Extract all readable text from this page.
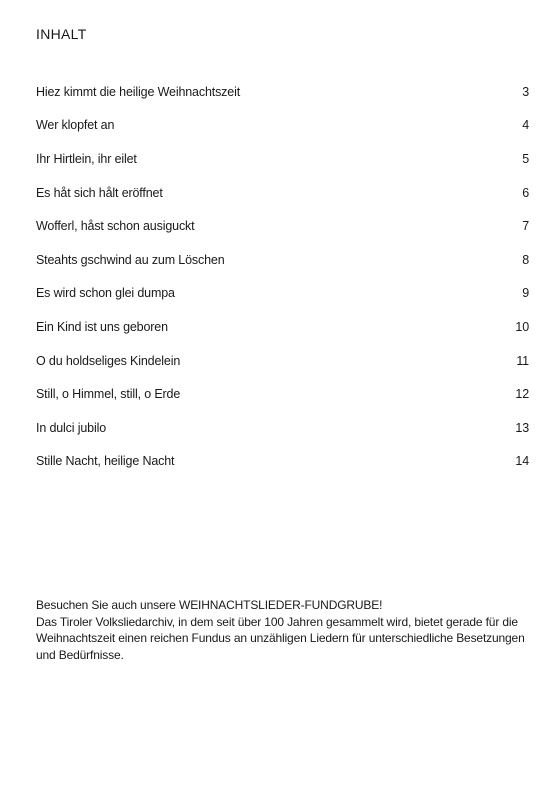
INHALT
Hiez kimmt die heilige Weihnachtszeit	3
Wer klopfet an	4
Ihr Hirtlein, ihr eilet	5
Es håt sich hålt eröffnet	6
Wofferl, håst schon ausiguckt	7
Steahts gschwind au zum Löschen	8
Es wird schon glei dumpa	9
Ein Kind ist uns geboren	10
O du holdseliges Kindelein	11
Still, o Himmel, still, o Erde	12
In dulci jubilo	13
Stille Nacht, heilige Nacht	14

Besuchen Sie auch unsere WEIHNACHTSLIEDER-FUNDGRUBE!

Das Tiroler Volksliedarchiv, in dem seit über 100 Jahren gesammelt wird, bietet gerade für die Weihnachtszeit einen reichen Fundus an unzähligen Liedern für unterschiedliche Besetzungen und Bedürfnisse.
